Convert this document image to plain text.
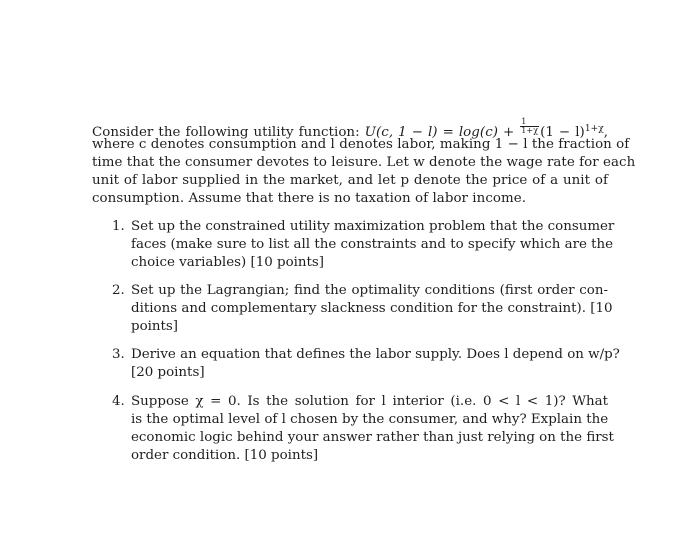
Consider the following utility function: U(c, $1 - l) = \log(c) + \frac{1}{1+\chi} (1 - l)^{1+\chi}$,
where c denotes consumption and l denotes labor, making 1 − l the fraction of
time that the consumer devotes to leisure. Let w denote the wage rate for each
unit of labor supplied in the market, and let p denote the price of a unit of
consumption. Assume that there is no taxation of labor income.
1. Set up the constrained utility maximization problem that the consumer
faces (make sure to list all the constraints and to specify which are the
choice variables) [10 points]
2. Set up the Lagrangian; find the optimality conditions (first order con-
ditions and complementary slackness condition for the constraint). [10
points]
3. Derive an equation that defines the labor supply. Does l depend on w/p?
[20 points]
4. Suppose χ = 0. Is the solution for l interior (i.e. 0 < l < 1)? What
is the optimal level of l chosen by the consumer, and why? Explain the
economic logic behind your answer rather than just relying on the first
order condition. [10 points]
